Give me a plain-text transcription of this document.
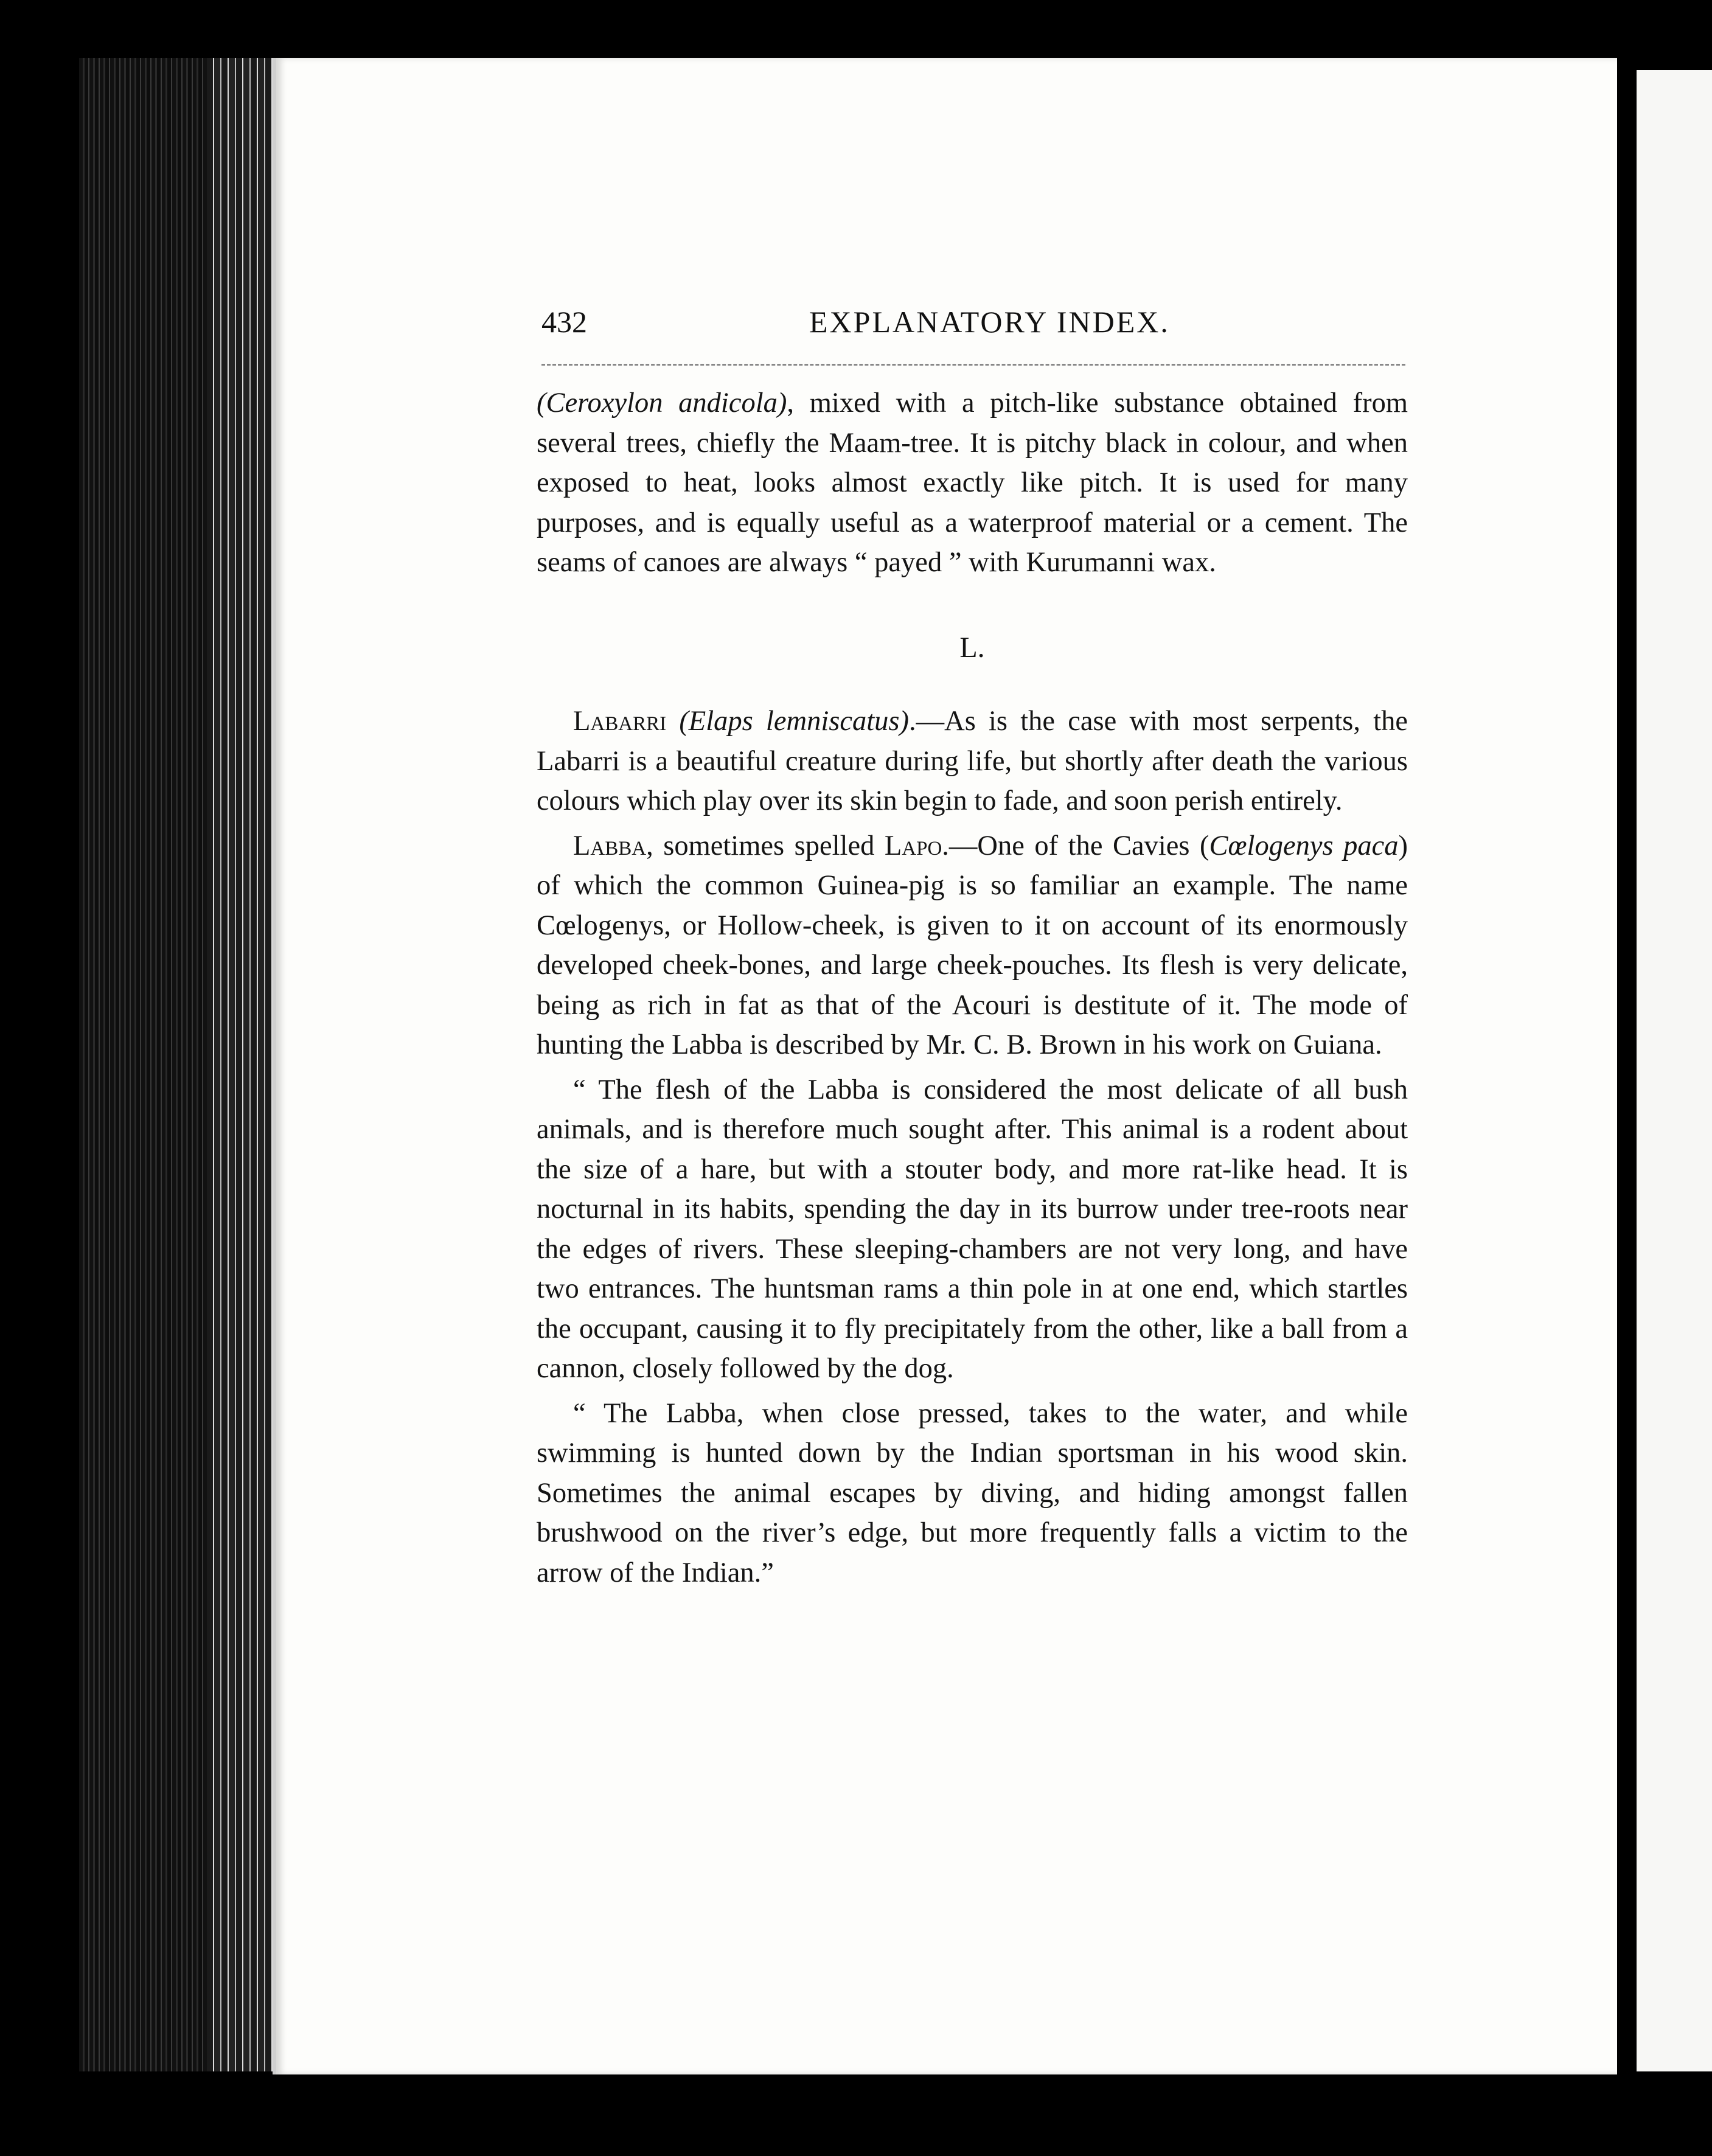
432	EXPLANATORY INDEX.

(Ceroxylon andicola), mixed with a pitch-like substance obtained from several trees, chiefly the Maam-tree. It is pitchy black in colour, and when exposed to heat, looks almost exactly like pitch. It is used for many purposes, and is equally useful as a waterproof material or a cement. The seams of canoes are always “ payed ” with Kurumanni wax.

L.

Labarri (Elaps lemniscatus).—As is the case with most serpents, the Labarri is a beautiful creature during life, but shortly after death the various colours which play over its skin begin to fade, and soon perish entirely.

Labba, sometimes spelled Lapo.—One of the Cavies (Cœlogenys paca) of which the common Guinea-pig is so familiar an example. The name Cœlogenys, or Hollow-cheek, is given to it on account of its enormously developed cheek-bones, and large cheek-pouches. Its flesh is very delicate, being as rich in fat as that of the Acouri is destitute of it. The mode of hunting the Labba is described by Mr. C. B. Brown in his work on Guiana.

“ The flesh of the Labba is considered the most delicate of all bush animals, and is therefore much sought after. This animal is a rodent about the size of a hare, but with a stouter body, and more rat-like head. It is nocturnal in its habits, spending the day in its burrow under tree-roots near the edges of rivers. These sleeping-chambers are not very long, and have two entrances. The huntsman rams a thin pole in at one end, which startles the occupant, causing it to fly precipitately from the other, like a ball from a cannon, closely followed by the dog.

“ The Labba, when close pressed, takes to the water, and while swimming is hunted down by the Indian sportsman in his wood skin. Sometimes the animal escapes by diving, and hiding amongst fallen brushwood on the river’s edge, but more frequently falls a victim to the arrow of the Indian.”
